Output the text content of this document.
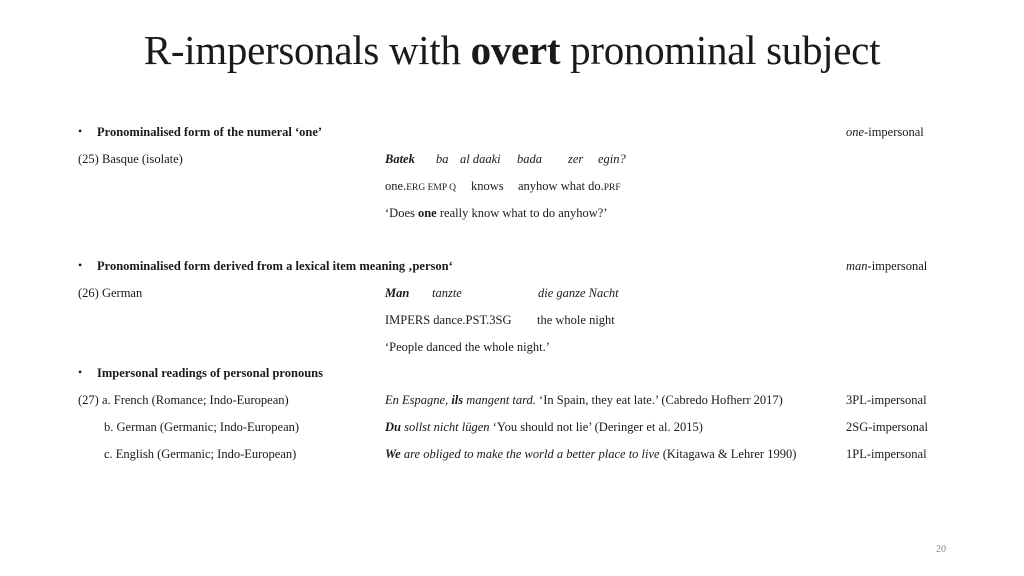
R-impersonals with overt pronominal subject
• Pronominalised form of the numeral ‘one’	one-impersonal
(25) Basque (isolate)	Batek ba al daaki bada zer egin?
one.ERG EMP Q knows anyhow what do.PRF
‘Does one really know what to do anyhow?’
• Pronominalised form derived from a lexical item meaning ‚person‘	man-impersonal
(26) German	Man tanzte	die ganze Nacht
IMPERS dance.PST.3SG the whole night
‘People danced the whole night.’
• Impersonal readings of personal pronouns
(27) a. French (Romance; Indo-European)	En Espagne, ils mangent tard. ‘In Spain, they eat late.’ (Cabredo Hofherr 2017)	3PL-impersonal
b. German (Germanic; Indo-European)	Du sollst nicht lügen ‘You should not lie’ (Deringer et al. 2015)	2SG-impersonal
c. English (Germanic; Indo-European)	We are obliged to make the world a better place to live (Kitagawa & Lehrer 1990)	1PL-impersonal
20
